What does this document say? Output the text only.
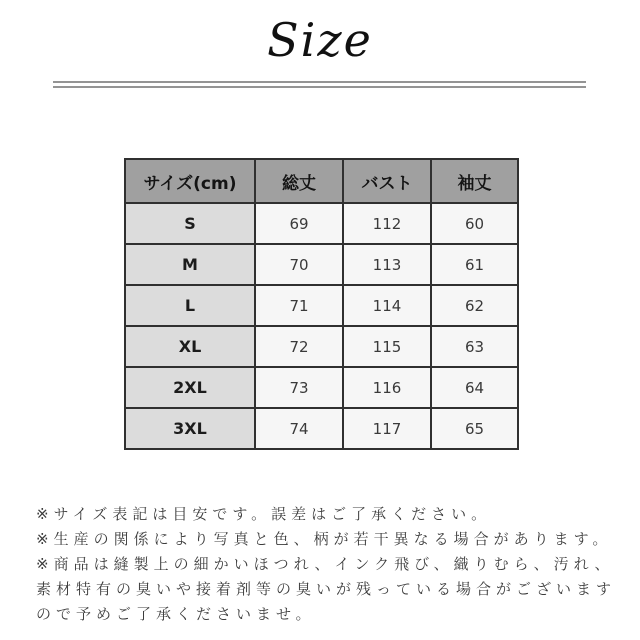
Size
サイズ(cm)	総丈	バスト	袖丈
S	69	112	60
M	70	113	61
L	71	114	62
XL	72	115	63
2XL	73	116	64
3XL	74	117	65
※サイズ表記は目安です。誤差はご了承ください。
※生産の関係により写真と色、柄が若干異なる場合があります。
※商品は縫製上の細かいほつれ、インク飛び、織りむら、汚れ、
素材特有の臭いや接着剤等の臭いが残っている場合がございます
ので予めご了承くださいませ。
